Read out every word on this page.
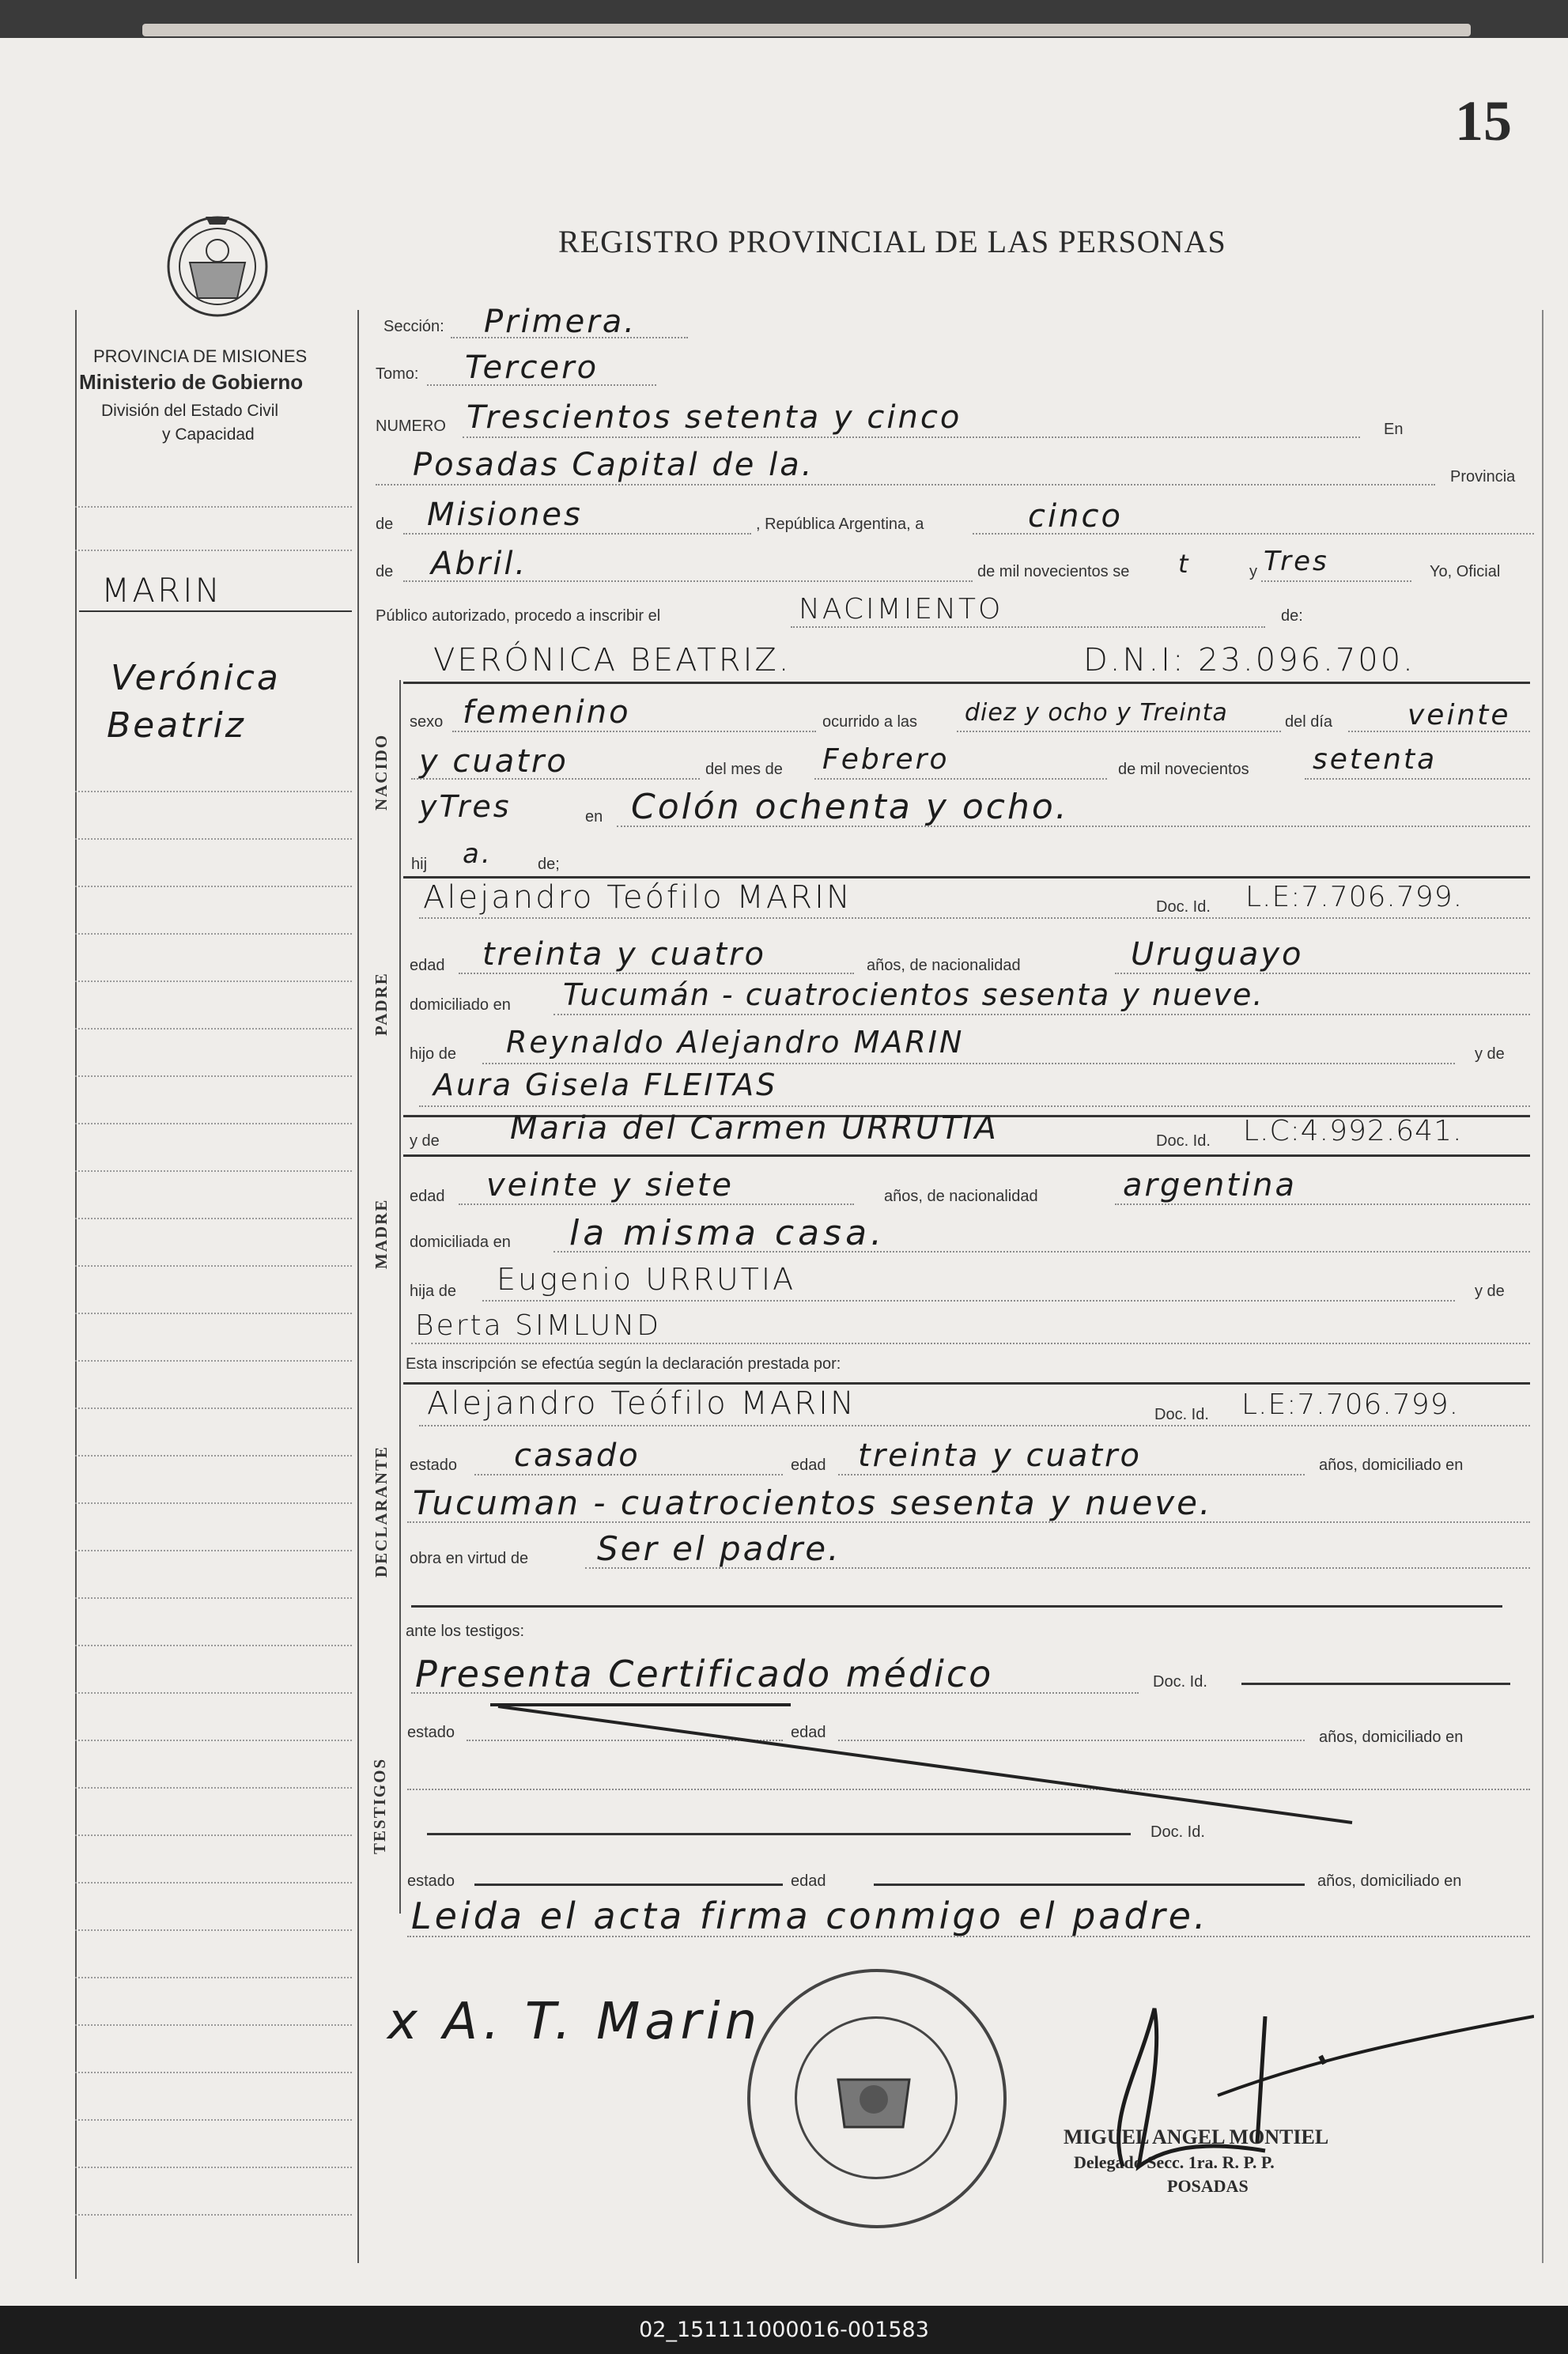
15
REGISTRO PROVINCIAL DE LAS PERSONAS
PROVINCIA DE MISIONES
Ministerio de Gobierno
División del Estado Civil
y Capacidad
MARIN
Verónica
Beatriz
Sección: Primera.
Tomo: Tercero
NUMERO Trescientos setenta y cinco	En
Posadas Capital de la.	Provincia
de Misiones	, República Argentina, a	cinco
de Abril.	de mil novecientos se t	y Tres	Yo, Oficial
Público autorizado, procedo a inscribir el	NACIMIENTO	de:
NACIDO
VERÓNICA BEATRIZ.	D.N.I: 23.096.700.
sexo femenino	ocurrido a las diez y ocho y Treinta	del día	veinte
y cuatro	del mes de Febrero	de mil novecientos setenta
yTres	en Colón ochenta y ocho.
hij a.	de;
PADRE
Alejandro Teófilo MARIN	Doc. Id. L.E:7.706.799.
edad treinta y cuatro	años, de nacionalidad	Uruguayo
domiciliado en Tucumán - cuatrocientos sesenta y nueve.
hijo de Reynaldo Alejandro MARIN	y de
Aura Gisela FLEITAS
MADRE
y de Maria del Carmen URRUTIA	Doc. Id. L.C:4.992.641.
edad veinte y siete	años, de nacionalidad	argentina
domiciliada en la misma casa.
hija de Eugenio URRUTIA	y de
Berta SIMLUND
Esta inscripción se efectúa según la declaración prestada por:
DECLARANTE
Alejandro Teófilo MARIN	Doc. Id. L.E:7.706.799.
estado casado	edad treinta y cuatro	años, domiciliado en
Tucuman - cuatrocientos sesenta y nueve.
obra en virtud de Ser el padre.
ante los testigos:
TESTIGOS
Presenta Certificado médico	Doc. Id.
estado	edad	años, domiciliado en
Doc. Id.
estado	edad	años, domiciliado en
Leida el acta firma conmigo el padre.
x A. T. Marin
MIGUEL ANGEL MONTIEL
Delegado Secc. 1ra. R. P. P.
POSADAS
02_151111000016-001583
